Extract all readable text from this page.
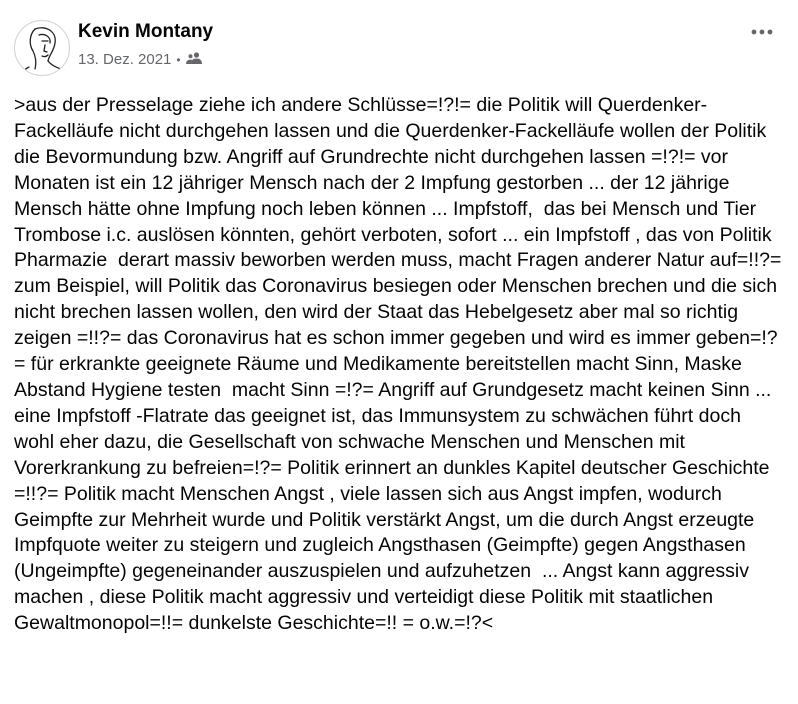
Kevin Montany
13. Dez. 2021 •
>aus der Presselage ziehe ich andere Schlüsse=!?!= die Politik will Querdenker-Fackelläufe nicht durchgehen lassen und die Querdenker-Fackelläufe wollen der Politik die Bevormundung bzw. Angriff auf Grundrechte nicht durchgehen lassen =!?!= vor Monaten ist ein 12 jähriger Mensch nach der 2 Impfung gestorben ... der 12 jährige Mensch hätte ohne Impfung noch leben können ... Impfstoff,  das bei Mensch und Tier Trombose i.c. auslösen könnten, gehört verboten, sofort ... ein Impfstoff , das von Politik Pharmazie  derart massiv beworben werden muss, macht Fragen anderer Natur auf=!!?= zum Beispiel, will Politik das Coronavirus besiegen oder Menschen brechen und die sich nicht brechen lassen wollen, den wird der Staat das Hebelgesetz aber mal so richtig zeigen =!!?= das Coronavirus hat es schon immer gegeben und wird es immer geben=!?= für erkrankte geeignete Räume und Medikamente bereitstellen macht Sinn, Maske Abstand Hygiene testen  macht Sinn =!?= Angriff auf Grundgesetz macht keinen Sinn ... eine Impfstoff -Flatrate das geeignet ist, das Immunsystem zu schwächen führt doch wohl eher dazu, die Gesellschaft von schwache Menschen und Menschen mit Vorerkrankung zu befreien=!?= Politik erinnert an dunkles Kapitel deutscher Geschichte =!!?= Politik macht Menschen Angst , viele lassen sich aus Angst impfen, wodurch Geimpfte zur Mehrheit wurde und Politik verstärkt Angst, um die durch Angst erzeugte Impfquote weiter zu steigern und zugleich Angsthasen (Geimpfte) gegen Angsthasen (Ungeimpfte) gegeneinander auszuspielen und aufzuhetzen  ... Angst kann aggressiv machen , diese Politik macht aggressiv und verteidigt diese Politik mit staatlichen Gewaltmonopol=!!= dunkelste Geschichte=!! = o.w.=!?<
